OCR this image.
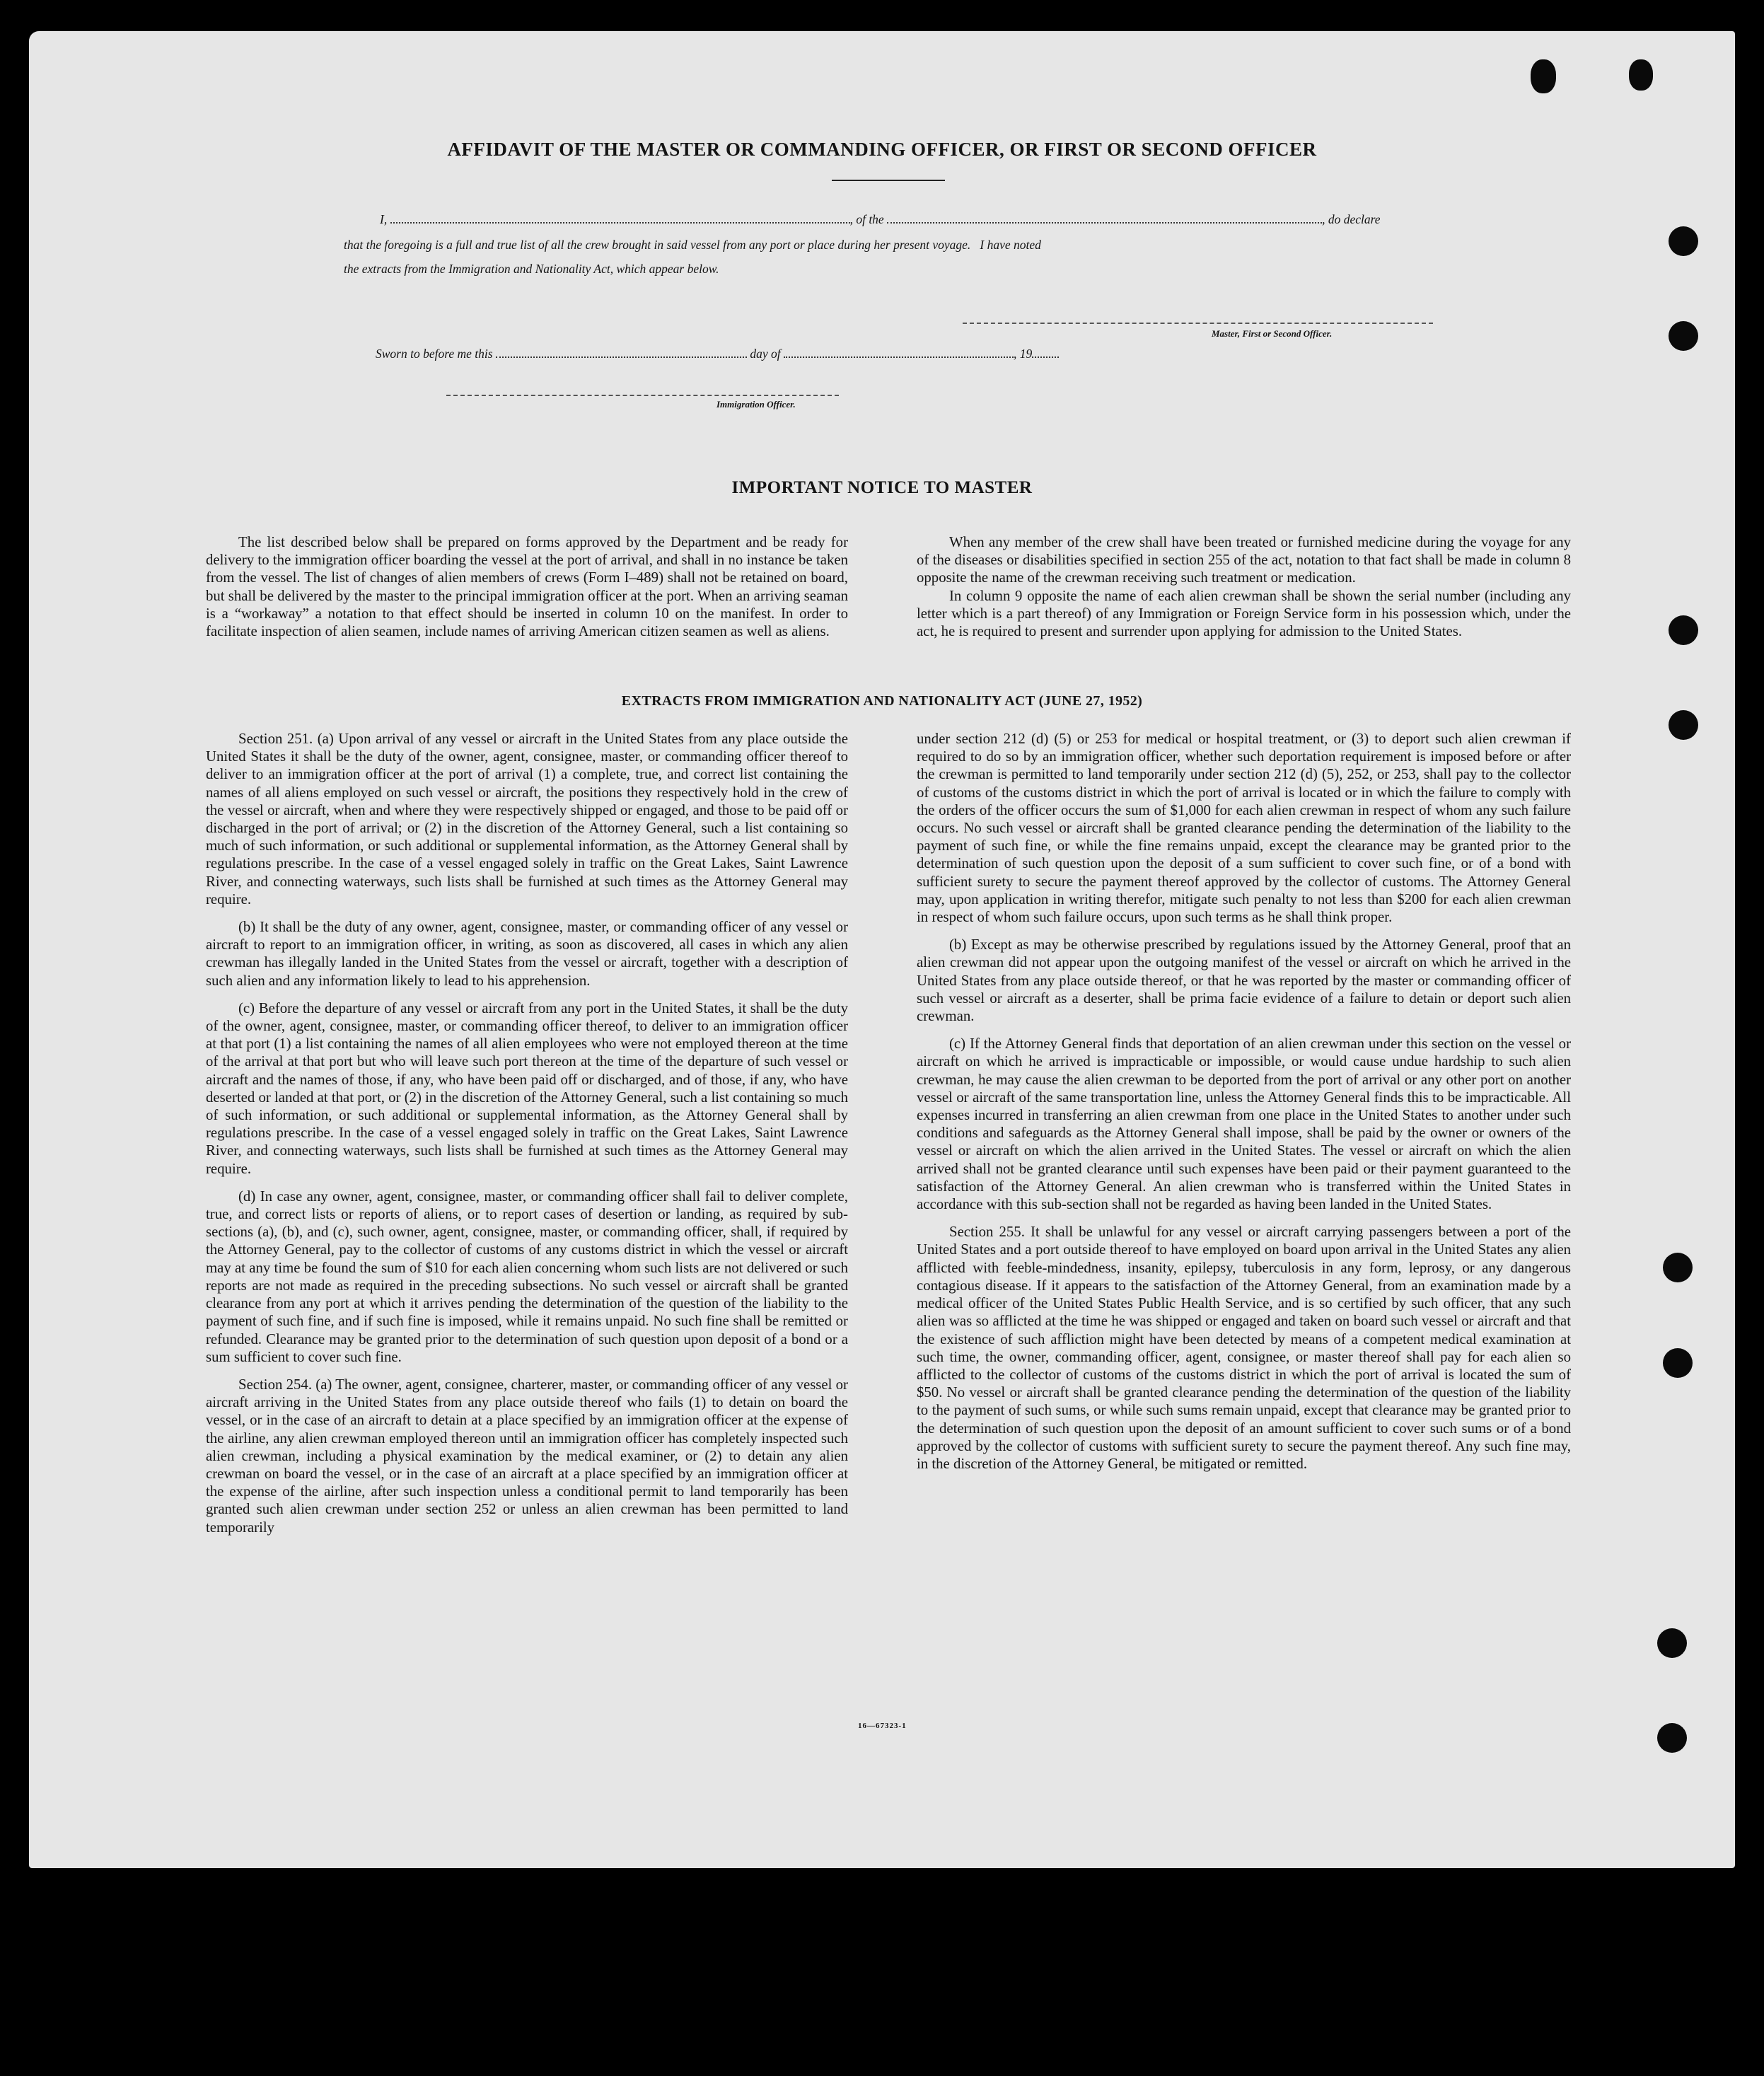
AFFIDAVIT OF THE MASTER OR COMMANDING OFFICER, OR FIRST OR SECOND OFFICER
I,	, of the	, do declare
that the foregoing is a full and true list of all the crew brought in said vessel from any port or place during her present voyage.   I have noted
the extracts from the Immigration and Nationality Act, which appear below.
Master, First or Second Officer.
Sworn to before me this	day of	, 19
Immigration Officer.
IMPORTANT NOTICE TO MASTER

The list described below shall be prepared on forms approved by the Department and be ready for delivery to the immigration officer boarding the vessel at the port of arrival, and shall in no instance be taken from the vessel. The list of changes of alien members of crews (Form I–489) shall not be retained on board, but shall be delivered by the master to the principal immigration officer at the port. When an arriving seaman is a “workaway” a notation to that effect should be inserted in column 10 on the manifest. In order to facilitate inspection of alien seamen, include names of arriving American citizen seamen as well as aliens.

When any member of the crew shall have been treated or furnished medicine during the voyage for any of the diseases or disabilities specified in section 255 of the act, notation to that fact shall be made in column 8 opposite the name of the crewman receiving such treatment or medication.

In column 9 opposite the name of each alien crewman shall be shown the serial number (including any letter which is a part thereof) of any Immigration or Foreign Service form in his possession which, under the act, he is required to present and surrender upon applying for admission to the United States.

EXTRACTS FROM IMMIGRATION AND NATIONALITY ACT (JUNE 27, 1952)

Section 251. (a) Upon arrival of any vessel or aircraft in the United States from any place outside the United States it shall be the duty of the owner, agent, consignee, master, or commanding officer thereof to deliver to an immigration officer at the port of arrival (1) a complete, true, and correct list containing the names of all aliens employed on such vessel or aircraft, the positions they respectively hold in the crew of the vessel or aircraft, when and where they were respectively shipped or engaged, and those to be paid off or discharged in the port of arrival; or (2) in the discretion of the Attorney General, such a list containing so much of such information, or such additional or supplemental information, as the Attorney General shall by regulations prescribe. In the case of a vessel engaged solely in traffic on the Great Lakes, Saint Lawrence River, and connecting waterways, such lists shall be furnished at such times as the Attorney General may require.

(b) It shall be the duty of any owner, agent, consignee, master, or commanding officer of any vessel or aircraft to report to an immigration officer, in writing, as soon as discovered, all cases in which any alien crewman has illegally landed in the United States from the vessel or aircraft, together with a description of such alien and any information likely to lead to his apprehension.

(c) Before the departure of any vessel or aircraft from any port in the United States, it shall be the duty of the owner, agent, consignee, master, or commanding officer thereof, to deliver to an immigration officer at that port (1) a list containing the names of all alien employees who were not employed thereon at the time of the arrival at that port but who will leave such port thereon at the time of the departure of such vessel or aircraft and the names of those, if any, who have been paid off or discharged, and of those, if any, who have deserted or landed at that port, or (2) in the discretion of the Attorney General, such a list containing so much of such information, or such additional or supplemental information, as the Attorney General shall by regulations prescribe. In the case of a vessel engaged solely in traffic on the Great Lakes, Saint Lawrence River, and connecting waterways, such lists shall be furnished at such times as the Attorney General may require.

(d) In case any owner, agent, consignee, master, or commanding officer shall fail to deliver complete, true, and correct lists or reports of aliens, or to report cases of desertion or landing, as required by sub-sections (a), (b), and (c), such owner, agent, consignee, master, or commanding officer, shall, if required by the Attorney General, pay to the collector of customs of any customs district in which the vessel or aircraft may at any time be found the sum of $10 for each alien concerning whom such lists are not delivered or such reports are not made as required in the preceding subsections. No such vessel or aircraft shall be granted clearance from any port at which it arrives pending the determination of the question of the liability to the payment of such fine, and if such fine is imposed, while it remains unpaid. No such fine shall be remitted or refunded. Clearance may be granted prior to the determination of such question upon deposit of a bond or a sum sufficient to cover such fine.

Section 254. (a) The owner, agent, consignee, charterer, master, or commanding officer of any vessel or aircraft arriving in the United States from any place outside thereof who fails (1) to detain on board the vessel, or in the case of an aircraft to detain at a place specified by an immigration officer at the expense of the airline, any alien crewman employed thereon until an immigration officer has completely inspected such alien crewman, including a physical examination by the medical examiner, or (2) to detain any alien crewman on board the vessel, or in the case of an aircraft at a place specified by an immigration officer at the expense of the airline, after such inspection unless a conditional permit to land temporarily has been granted such alien crewman under section 252 or unless an alien crewman has been permitted to land temporarily

under section 212 (d) (5) or 253 for medical or hospital treatment, or (3) to deport such alien crewman if required to do so by an immigration officer, whether such deportation requirement is imposed before or after the crewman is permitted to land temporarily under section 212 (d) (5), 252, or 253, shall pay to the collector of customs of the customs district in which the port of arrival is located or in which the failure to comply with the orders of the officer occurs the sum of $1,000 for each alien crewman in respect of whom any such failure occurs. No such vessel or aircraft shall be granted clearance pending the determination of the liability to the payment of such fine, or while the fine remains unpaid, except the clearance may be granted prior to the determination of such question upon the deposit of a sum sufficient to cover such fine, or of a bond with sufficient surety to secure the payment thereof approved by the collector of customs. The Attorney General may, upon application in writing therefor, mitigate such penalty to not less than $200 for each alien crewman in respect of whom such failure occurs, upon such terms as he shall think proper.

(b) Except as may be otherwise prescribed by regulations issued by the Attorney General, proof that an alien crewman did not appear upon the outgoing manifest of the vessel or aircraft on which he arrived in the United States from any place outside thereof, or that he was reported by the master or commanding officer of such vessel or aircraft as a deserter, shall be prima facie evidence of a failure to detain or deport such alien crewman.

(c) If the Attorney General finds that deportation of an alien crewman under this section on the vessel or aircraft on which he arrived is impracticable or impossible, or would cause undue hardship to such alien crewman, he may cause the alien crewman to be deported from the port of arrival or any other port on another vessel or aircraft of the same transportation line, unless the Attorney General finds this to be impracticable. All expenses incurred in transferring an alien crewman from one place in the United States to another under such conditions and safeguards as the Attorney General shall impose, shall be paid by the owner or owners of the vessel or aircraft on which the alien arrived in the United States. The vessel or aircraft on which the alien arrived shall not be granted clearance until such expenses have been paid or their payment guaranteed to the satisfaction of the Attorney General. An alien crewman who is transferred within the United States in accordance with this sub-section shall not be regarded as having been landed in the United States.

Section 255. It shall be unlawful for any vessel or aircraft carrying passengers between a port of the United States and a port outside thereof to have employed on board upon arrival in the United States any alien afflicted with feeble-mindedness, insanity, epilepsy, tuberculosis in any form, leprosy, or any dangerous contagious disease. If it appears to the satisfaction of the Attorney General, from an examination made by a medical officer of the United States Public Health Service, and is so certified by such officer, that any such alien was so afflicted at the time he was shipped or engaged and taken on board such vessel or aircraft and that the existence of such affliction might have been detected by means of a competent medical examination at such time, the owner, commanding officer, agent, consignee, or master thereof shall pay for each alien so afflicted to the collector of customs of the customs district in which the port of arrival is located the sum of $50. No vessel or aircraft shall be granted clearance pending the determination of the question of the liability to the payment of such sums, or while such sums remain unpaid, except that clearance may be granted prior to the determination of such question upon the deposit of an amount sufficient to cover such sums or of a bond approved by the collector of customs with sufficient surety to secure the payment thereof. Any such fine may, in the discretion of the Attorney General, be mitigated or remitted.

16—67323-1
